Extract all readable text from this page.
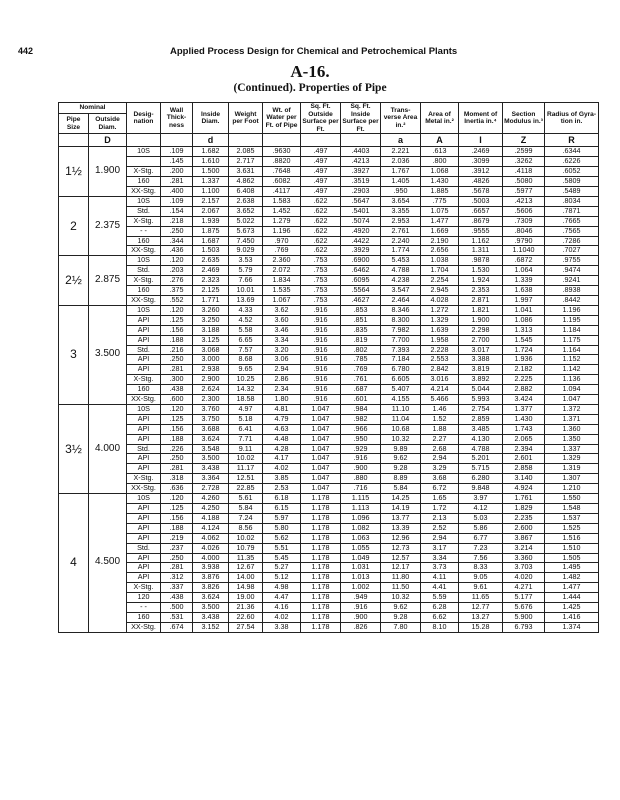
442	Applied Process Design for Chemical and Petrochemical Plants
A-16.
(Continued). Properties of Pipe
Nominal		Desig- nation	Wall Thick- ness	Inside Diam.	Weight per Foot	Wt. of Water per Ft. of Pipe	Sq. Ft. Outside Surface per Ft.	Sq. Ft. Inside Surface per Ft.	Trans- verse Area in.²	Area of Metal in.²	Moment of Inertia in.⁴	Section Modulus in.³	Radius of Gyra- tion in.
Pipe Size	Outside Diam.												
	D			d					a	A	I	Z	R
1½	1.900	10S	.109	1.682	2.085	.9630	.497	.4403	2.221	.613	.2469	.2599	.6344
			.145	1.610	2.717	.8820	.497	.4213	2.036	.800	.3099	.3262	.6226
		X-Stg.	.200	1.500	3.631	.7648	.497	.3927	1.767	1.068	.3912	.4118	.6052
		160	.281	1.337	4.862	.6082	.497	.3519	1.405	1.430	.4826	.5080	.5809
		XX-Stg.	.400	1.100	6.408	.4117	.497	.2903	.950	1.885	.5678	.5977	.5489
2	2.375	10S	.109	2.157	2.638	1.583	.622	.5647	3.654	.775	.5003	.4213	.8034
		Std.	.154	2.067	3.652	1.452	.622	.5401	3.355	1.075	.6657	.5606	.7871
		X-Stg.	.218	1.939	5.022	1.279	.622	.5074	2.953	1.477	.8679	.7309	.7665
		- -	.250	1.875	5.673	1.196	.622	.4920	2.761	1.669	.9555	.8046	.7565
		160	.344	1.687	7.450	.970	.622	.4422	2.240	2.190	1.162	.9790	.7286
		XX-Stg.	.436	1.503	9.029	.769	.622	.3929	1.774	2.656	1.311	1.1040	.7027
2½	2.875	10S	.120	2.635	3.53	2.360	.753	.6900	5.453	1.038	.9878	.6872	.9755
		Std.	.203	2.469	5.79	2.072	.753	.6462	4.788	1.704	1.530	1.064	.9474
		X-Stg.	.276	2.323	7.66	1.834	.753	.6095	4.238	2.254	1.924	1.339	.9241
		160	.375	2.125	10.01	1.535	.753	.5564	3.547	2.945	2.353	1.638	.8938
		XX-Stg.	.552	1.771	13.69	1.067	.753	.4627	2.464	4.028	2.871	1.997	.8442
3	3.500	10S	.120	3.260	4.33	3.62	.916	.853	8.346	1.272	1.821	1.041	1.196
		API	.125	3.250	4.52	3.60	.916	.851	8.300	1.329	1.900	1.086	1.195
		API	.156	3.188	5.58	3.46	.916	.835	7.982	1.639	2.298	1.313	1.184
		API	.188	3.125	6.65	3.34	.916	.819	7.700	1.958	2.700	1.545	1.175
		Std.	.216	3.068	7.57	3.20	.916	.802	7.393	2.228	3.017	1.724	1.164
		API	.250	3.000	8.68	3.06	.916	.785	7.184	2.553	3.388	1.936	1.152
		API	.281	2.938	9.65	2.94	.916	.769	6.780	2.842	3.819	2.182	1.142
		X-Stg.	.300	2.900	10.25	2.86	.916	.761	6.605	3.016	3.892	2.225	1.136
		160	.438	2.624	14.32	2.34	.916	.687	5.407	4.214	5.044	2.882	1.094
		XX-Stg.	.600	2.300	18.58	1.80	.916	.601	4.155	5.466	5.993	3.424	1.047
3½	4.000	10S	.120	3.760	4.97	4.81	1.047	.984	11.10	1.46	2.754	1.377	1.372
		API	.125	3.750	5.18	4.79	1.047	.982	11.04	1.52	2.859	1.430	1.371
		API	.156	3.688	6.41	4.63	1.047	.966	10.68	1.88	3.485	1.743	1.360
		API	.188	3.624	7.71	4.48	1.047	.950	10.32	2.27	4.130	2.065	1.350
		Std.	.226	3.548	9.11	4.28	1.047	.929	9.89	2.68	4.788	2.394	1.337
		API	.250	3.500	10.02	4.17	1.047	.916	9.62	2.94	5.201	2.601	1.329
		API	.281	3.438	11.17	4.02	1.047	.900	9.28	3.29	5.715	2.858	1.319
		X-Stg.	.318	3.364	12.51	3.85	1.047	.880	8.89	3.68	6.280	3.140	1.307
		XX-Stg.	.636	2.728	22.85	2.53	1.047	.716	5.84	6.72	9.848	4.924	1.210
4	4.500	10S	.120	4.260	5.61	6.18	1.178	1.115	14.25	1.65	3.97	1.761	1.550
		API	.125	4.250	5.84	6.15	1.178	1.113	14.19	1.72	4.12	1.829	1.548
		API	.156	4.188	7.24	5.97	1.178	1.096	13.77	2.13	5.03	2.235	1.537
		API	.188	4.124	8.56	5.80	1.178	1.082	13.39	2.52	5.86	2.600	1.525
		API	.219	4.062	10.02	5.62	1.178	1.063	12.96	2.94	6.77	3.867	1.516
		Std.	.237	4.026	10.79	5.51	1.178	1.055	12.73	3.17	7.23	3.214	1.510
		API	.250	4.000	11.35	5.45	1.178	1.049	12.57	3.34	7.56	3.360	1.505
		API	.281	3.938	12.67	5.27	1.178	1.031	12.17	3.73	8.33	3.703	1.495
		API	.312	3.876	14.00	5.12	1.178	1.013	11.80	4.11	9.05	4.020	1.482
		X-Stg.	.337	3.826	14.98	4.98	1.178	1.002	11.50	4.41	9.61	4.271	1.477
		120	.438	3.624	19.00	4.47	1.178	.949	10.32	5.59	11.65	5.177	1.444
		- -	.500	3.500	21.36	4.16	1.178	.916	9.62	6.28	12.77	5.676	1.425
		160	.531	3.438	22.60	4.02	1.178	.900	9.28	6.62	13.27	5.900	1.416
		XX-Stg.	.674	3.152	27.54	3.38	1.178	.826	7.80	8.10	15.28	6.793	1.374
